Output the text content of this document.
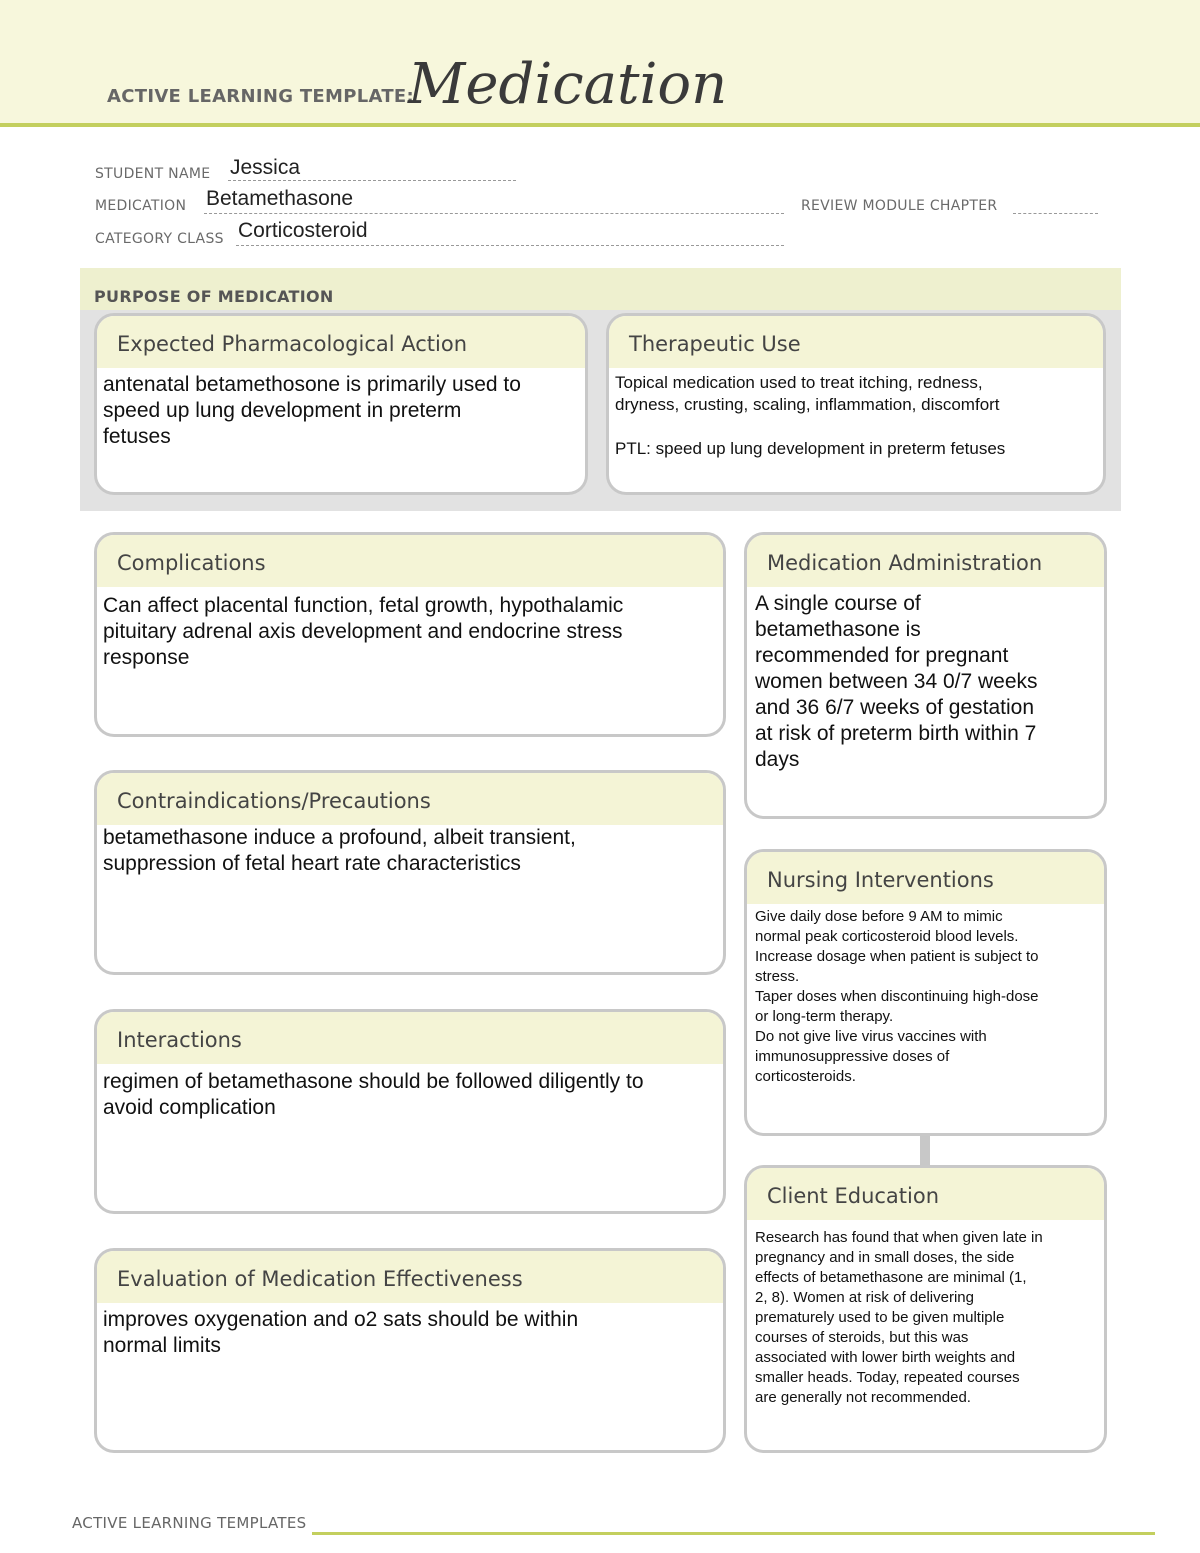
ACTIVE LEARNING TEMPLATE:
Medication
STUDENT NAME Jessica
MEDICATION Betamethasone	REVIEW MODULE CHAPTER
CATEGORY CLASS Corticosteroid
PURPOSE OF MEDICATION
Expected Pharmacological Action
antenatal betamethosone is primarily used to
speed up lung development in preterm
fetuses
Therapeutic Use
Topical medication used to treat itching, redness,
dryness, crusting, scaling, inflammation, discomfort

PTL: speed up lung development in preterm fetuses
Complications
Can affect placental function, fetal growth, hypothalamic
pituitary adrenal axis development and endocrine stress
response
Contraindications/Precautions
betamethasone induce a profound, albeit transient,
suppression of fetal heart rate characteristics
Interactions
regimen of betamethasone should be followed diligently to
avoid complication
Evaluation of Medication Effectiveness
improves oxygenation and o2 sats should be within
normal limits
Medication Administration
A single course of
betamethasone is
recommended for pregnant
women between 34 0/7 weeks
and 36 6/7 weeks of gestation
at risk of preterm birth within 7
days
Nursing Interventions
Give daily dose before 9 AM to mimic
normal peak corticosteroid blood levels.
Increase dosage when patient is subject to
stress.
Taper doses when discontinuing high-dose
or long-term therapy.
Do not give live virus vaccines with
immunosuppressive doses of
corticosteroids.
Client Education
Research has found that when given late in
pregnancy and in small doses, the side
effects of betamethasone are minimal (1,
2, 8). Women at risk of delivering
prematurely used to be given multiple
courses of steroids, but this was
associated with lower birth weights and
smaller heads. Today, repeated courses
are generally not recommended.
ACTIVE LEARNING TEMPLATES
